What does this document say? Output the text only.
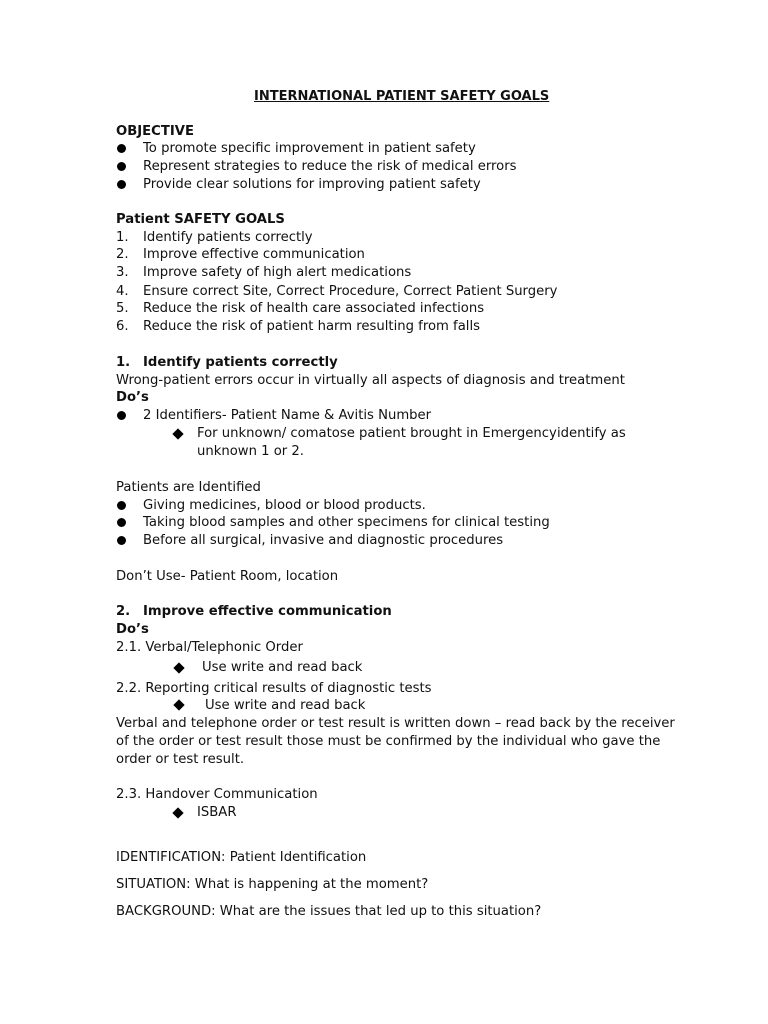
INTERNATIONAL PATIENT SAFETY GOALS
OBJECTIVE
To promote specific improvement in patient safety
Represent strategies to reduce the risk of medical errors
Provide clear solutions for improving patient safety
Patient SAFETY GOALS
1. Identify patients correctly
2. Improve effective communication
3. Improve safety of high alert medications
4. Ensure correct Site, Correct Procedure, Correct Patient Surgery
5. Reduce the risk of health care associated infections
6. Reduce the risk of patient harm resulting from falls
1. Identify patients correctly
Wrong-patient errors occur in virtually all aspects of diagnosis and treatment
Do’s
2 Identifiers- Patient Name & Avitis Number
For unknown/ comatose patient brought in Emergency identify as
unknown 1 or 2.
Patients are Identified
Giving medicines, blood or blood products.
Taking blood samples and other specimens for clinical testing
Before all surgical, invasive and diagnostic procedures
Don’t Use- Patient Room, location
2. Improve effective communication
Do’s
2.1. Verbal/Telephonic Order
Use write and read back
2.2. Reporting critical results of diagnostic tests
Use write and read back
Verbal and telephone order or test result is written down – read back by the receiver
of the order or test result those must be confirmed by the individual who gave the
order or test result.
2.3. Handover Communication
ISBAR
IDENTIFICATION: Patient Identification
SITUATION: What is happening at the moment?
BACKGROUND: What are the issues that led up to this situation?
